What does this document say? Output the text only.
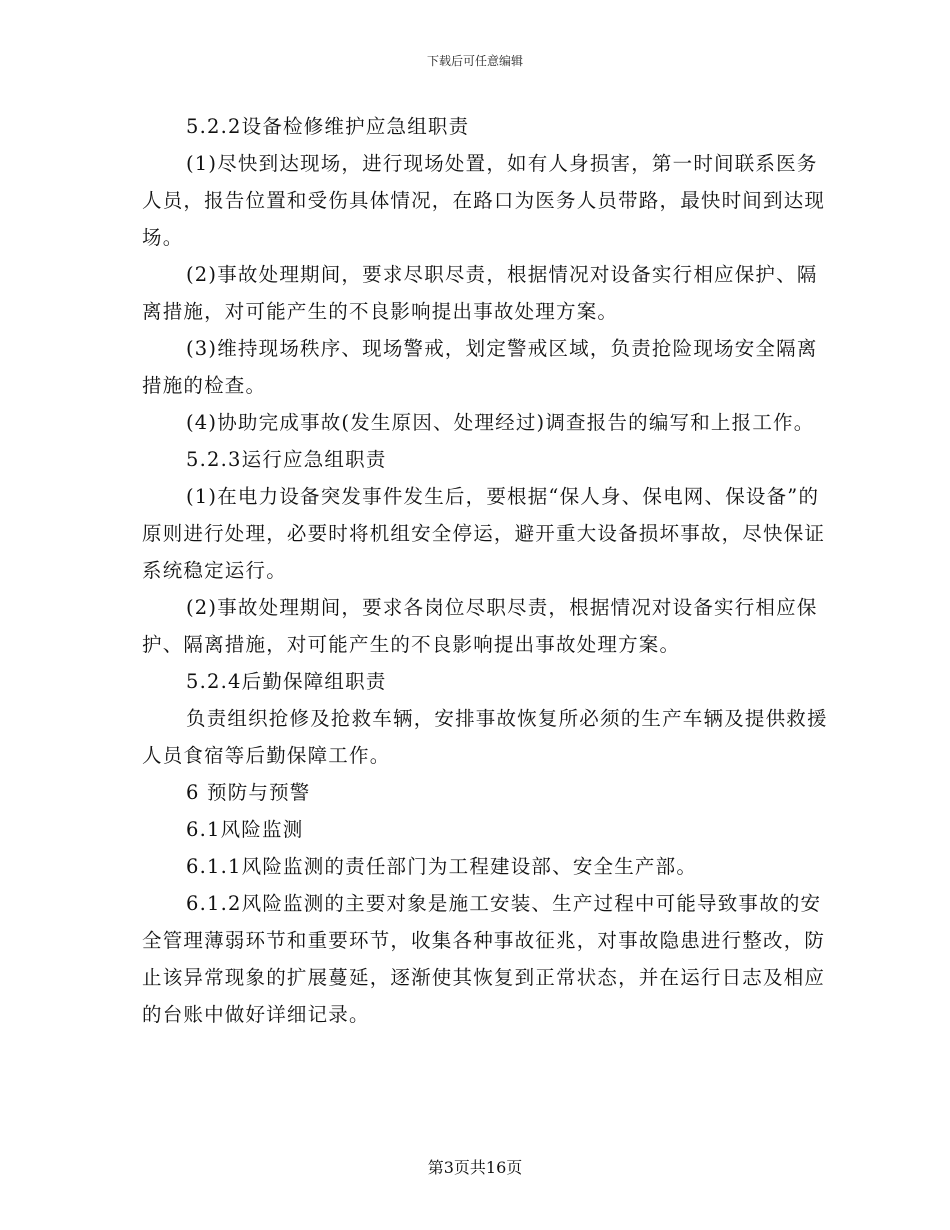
下载后可任意编辑

5.2.2设备检修维护应急组职责

(1)尽快到达现场，进行现场处置，如有人身损害，第一时间联系医务人员，报告位置和受伤具体情况，在路口为医务人员带路，最快时间到达现场。

(2)事故处理期间，要求尽职尽责，根据情况对设备实行相应保护、隔离措施，对可能产生的不良影响提出事故处理方案。

(3)维持现场秩序、现场警戒，划定警戒区域，负责抢险现场安全隔离措施的检查。

(4)协助完成事故(发生原因、处理经过)调查报告的编写和上报工作。

5.2.3运行应急组职责

(1)在电力设备突发事件发生后，要根据“保人身、保电网、保设备”的原则进行处理，必要时将机组安全停运，避开重大设备损坏事故，尽快保证系统稳定运行。

(2)事故处理期间，要求各岗位尽职尽责，根据情况对设备实行相应保护、隔离措施，对可能产生的不良影响提出事故处理方案。

5.2.4后勤保障组职责

负责组织抢修及抢救车辆，安排事故恢复所必须的生产车辆及提供救援人员食宿等后勤保障工作。

6 预防与预警

6.1风险监测

6.1.1风险监测的责任部门为工程建设部、安全生产部。

6.1.2风险监测的主要对象是施工安装、生产过程中可能导致事故的安全管理薄弱环节和重要环节，收集各种事故征兆，对事故隐患进行整改，防止该异常现象的扩展蔓延，逐渐使其恢复到正常状态，并在运行日志及相应的台账中做好详细记录。

第3页共16页
